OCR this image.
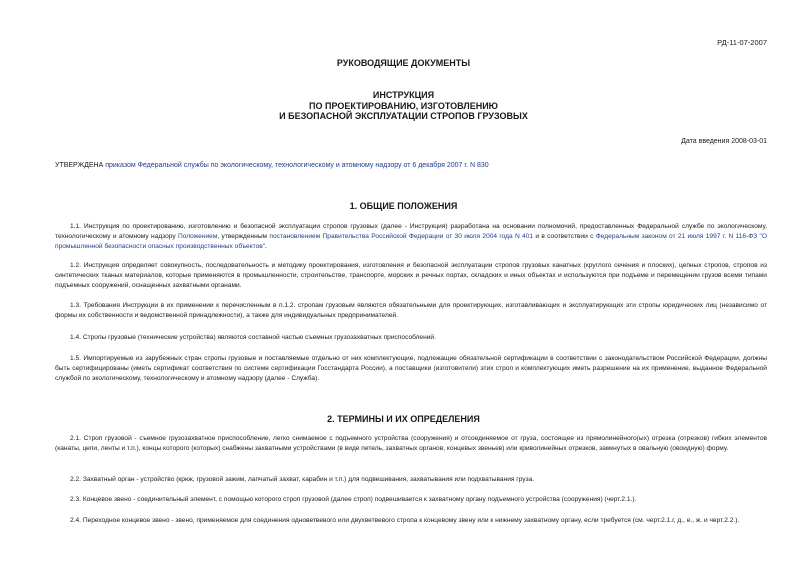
РД-11-07-2007
РУКОВОДЯЩИЕ ДОКУМЕНТЫ
ИНСТРУКЦИЯ
ПО ПРОЕКТИРОВАНИЮ, ИЗГОТОВЛЕНИЮ
И БЕЗОПАСНОЙ ЭКСПЛУАТАЦИИ СТРОПОВ ГРУЗОВЫХ
Дата введения 2008-03-01
УТВЕРЖДЕНА приказом Федеральной службы по экологическому, технологическому и атомному надзору от 6 декабря 2007 г. N 830
1. ОБЩИЕ ПОЛОЖЕНИЯ
1.1. Инструкция по проектированию, изготовлению и безопасной эксплуатации стропов грузовых (далее - Инструкция) разработана на основании полномочий, предоставленных Федеральной службе по экологическому, технологическому и атомному надзору Положением, утвержденным постановлением Правительства Российской Федерации от 30 июля 2004 года N 401 и в соответствии с Федеральным законом от 21 июля 1997 г. N 116-ФЗ "О промышленной безопасности опасных производственных объектов".
1.2. Инструкция определяет совокупность, последовательность и методику проектирования, изготовления и безопасной эксплуатации стропов грузовых канатных (круглого сечения и плоских), цепных стропов, стропов из синтетических тканых материалов, которые применяются в промышленности, строительстве, транспорте, морских и речных портах, складских и иных объектах и используются при подъеме и перемещении грузов всеми типами подъемных сооружений, оснащенных захватными органами.
1.3. Требования Инструкции в их применении к перечисленным в п.1.2. стропам грузовым являются обязательными для проектирующих, изготавливающих и эксплуатирующих эти стропы юридических лиц (независимо от формы их собственности и ведомственной принадлежности), а также для индивидуальных предпринимателей.
1.4. Стропы грузовые (технические устройства) являются составной частью съемных грузозахватных приспособлений.
1.5. Импортируемые из зарубежных стран стропы грузовые и поставляемые отдельно от них комплектующие, подлежащие обязательной сертификации в соответствии с законодательством Российской Федерации, должны быть сертифицированы (иметь сертификат соответствия по системе сертификации Госстандарта России), а поставщики (изготовители) этих строп и комплектующих иметь разрешение на их применение, выданное Федеральной службой по экологическому, технологическому и атомному надзору (далее - Служба).
2. ТЕРМИНЫ И ИХ ОПРЕДЕЛЕНИЯ
2.1. Строп грузовой - съемное грузозахватное приспособление, легко снимаемое с подъемного устройства (сооружения) и отсоединяемое от груза, состоящее из прямолинейного(ых) отрезка (отрезков) гибких элементов (канаты, цепи, ленты и т.п.), концы которого (которых) снабжены захватными устройствами (в виде петель, захватных органов, концевых звеньев) или криволинейных отрезков, замкнутых в овальную (овоидную) форму.
2.2. Захватный орган - устройство (крюк, грузовой зажим, лапчатый захват, карабин и т.п.) для подвешивания, захватывания или подхватывания груза.
2.3. Концевое звено - соединительный элемент, с помощью которого строп грузовой (далее строп) подвешивается к захватному органу подъемного устройства (сооружения) (черт.2.1.).
2.4. Переходное концевое звено - звено, применяемое для соединения одноветвевого или двухветвевого стропа к концевому звену или к нижнему захватному органу, если требуется (см. черт.2.1.г, д., е., ж. и черт.2.2.).
